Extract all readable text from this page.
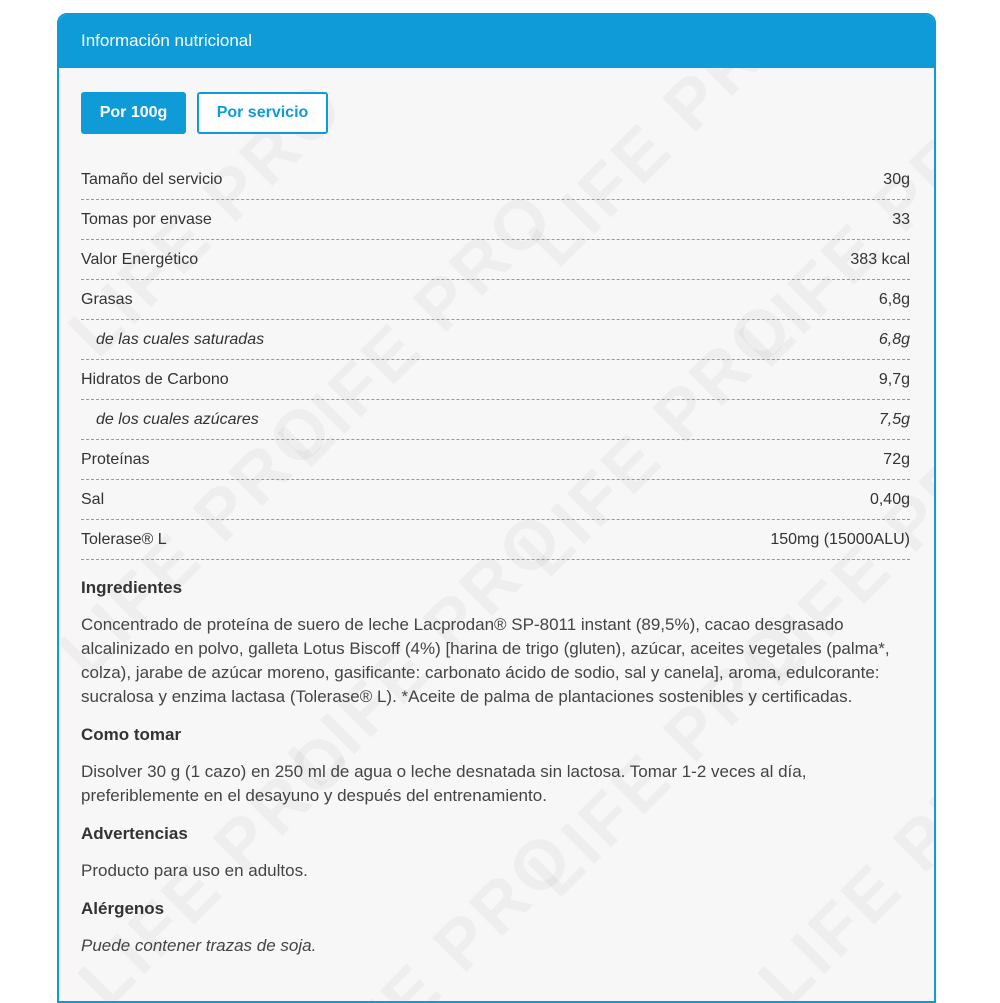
Información nutricional
Por 100g	Por servicio
Tamaño del servicio	30g
Tomas por envase	33
Valor Energético	383 kcal
Grasas	6,8g
de las cuales saturadas	6,8g
Hidratos de Carbono	9,7g
de los cuales azúcares	7,5g
Proteínas	72g
Sal	0,40g
Tolerase® L	150mg (15000ALU)
Ingredientes
Concentrado de proteína de suero de leche Lacprodan® SP-8011 instant (89,5%), cacao desgrasado alcalinizado en polvo, galleta Lotus Biscoff (4%) [harina de trigo (gluten), azúcar, aceites vegetales (palma*, colza), jarabe de azúcar moreno, gasificante: carbonato ácido de sodio, sal y canela], aroma, edulcorante: sucralosa y enzima lactasa (Tolerase® L). *Aceite de palma de plantaciones sostenibles y certificadas.
Como tomar
Disolver 30 g (1 cazo) en 250 ml de agua o leche desnatada sin lactosa. Tomar 1-2 veces al día, preferiblemente en el desayuno y después del entrenamiento.
Advertencias
Producto para uso en adultos.
Alérgenos
Puede contener trazas de soja.
